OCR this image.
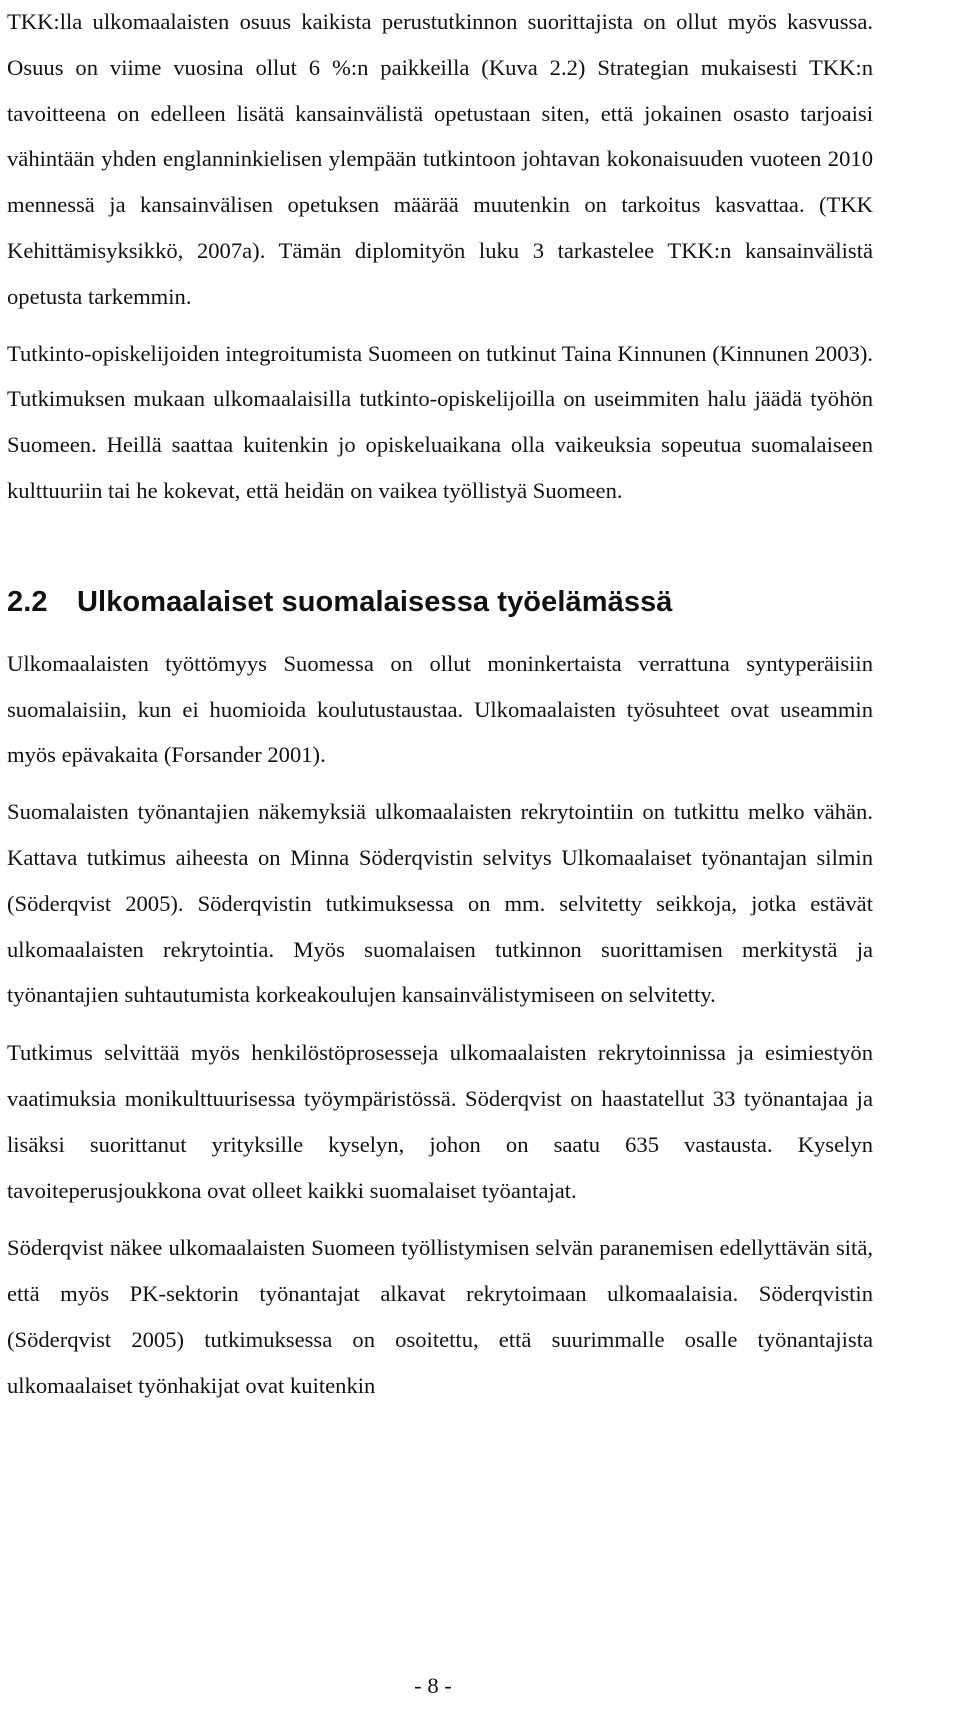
TKK:lla ulkomaalaisten osuus kaikista perustutkinnon suorittajista on ollut myös kasvussa. Osuus on viime vuosina ollut 6 %:n paikkeilla (Kuva 2.2) Strategian mukaisesti TKK:n tavoitteena on edelleen lisätä kansainvälistä opetustaan siten, että jokainen osasto tarjoaisi vähintään yhden englanninkielisen ylempään tutkintoon johtavan kokonaisuuden vuoteen 2010 mennessä ja kansainvälisen opetuksen määrää muutenkin on tarkoitus kasvattaa. (TKK Kehittämisyksikkö, 2007a). Tämän diplomityön luku 3 tarkastelee TKK:n kansainvälistä opetusta tarkemmin.

Tutkinto-opiskelijoiden integroitumista Suomeen on tutkinut Taina Kinnunen (Kinnunen 2003). Tutkimuksen mukaan ulkomaalaisilla tutkinto-opiskelijoilla on useimmiten halu jäädä työhön Suomeen. Heillä saattaa kuitenkin jo opiskeluaikana olla vaikeuksia sopeutua suomalaiseen kulttuuriin tai he kokevat, että heidän on vaikea työllistyä Suomeen.

2.2 Ulkomaalaiset suomalaisessa työelämässä

Ulkomaalaisten työttömyys Suomessa on ollut moninkertaista verrattuna syntyperäisiin suomalaisiin, kun ei huomioida koulutustaustaa. Ulkomaalaisten työsuhteet ovat useammin myös epävakaita (Forsander 2001).

Suomalaisten työnantajien näkemyksiä ulkomaalaisten rekrytointiin on tutkittu melko vähän. Kattava tutkimus aiheesta on Minna Söderqvistin selvitys Ulkomaalaiset työnantajan silmin (Söderqvist 2005). Söderqvistin tutkimuksessa on mm. selvitetty seikkoja, jotka estävät ulkomaalaisten rekrytointia. Myös suomalaisen tutkinnon suorittamisen merkitystä ja työnantajien suhtautumista korkeakoulujen kansainvälistymiseen on selvitetty.

Tutkimus selvittää myös henkilöstöprosesseja ulkomaalaisten rekrytoinnissa ja esimiestyön vaatimuksia monikulttuurisessa työympäristössä. Söderqvist on haastatellut 33 työnantajaa ja lisäksi suorittanut yrityksille kyselyn, johon on saatu 635 vastausta. Kyselyn tavoiteperusjoukkona ovat olleet kaikki suomalaiset työantajat.

Söderqvist näkee ulkomaalaisten Suomeen työllistymisen selvän paranemisen edellyttävän sitä, että myös PK-sektorin työnantajat alkavat rekrytoimaan ulkomaalaisia. Söderqvistin (Söderqvist 2005) tutkimuksessa on osoitettu, että suurimmalle osalle työnantajista ulkomaalaiset työnhakijat ovat kuitenkin

- 8 -
